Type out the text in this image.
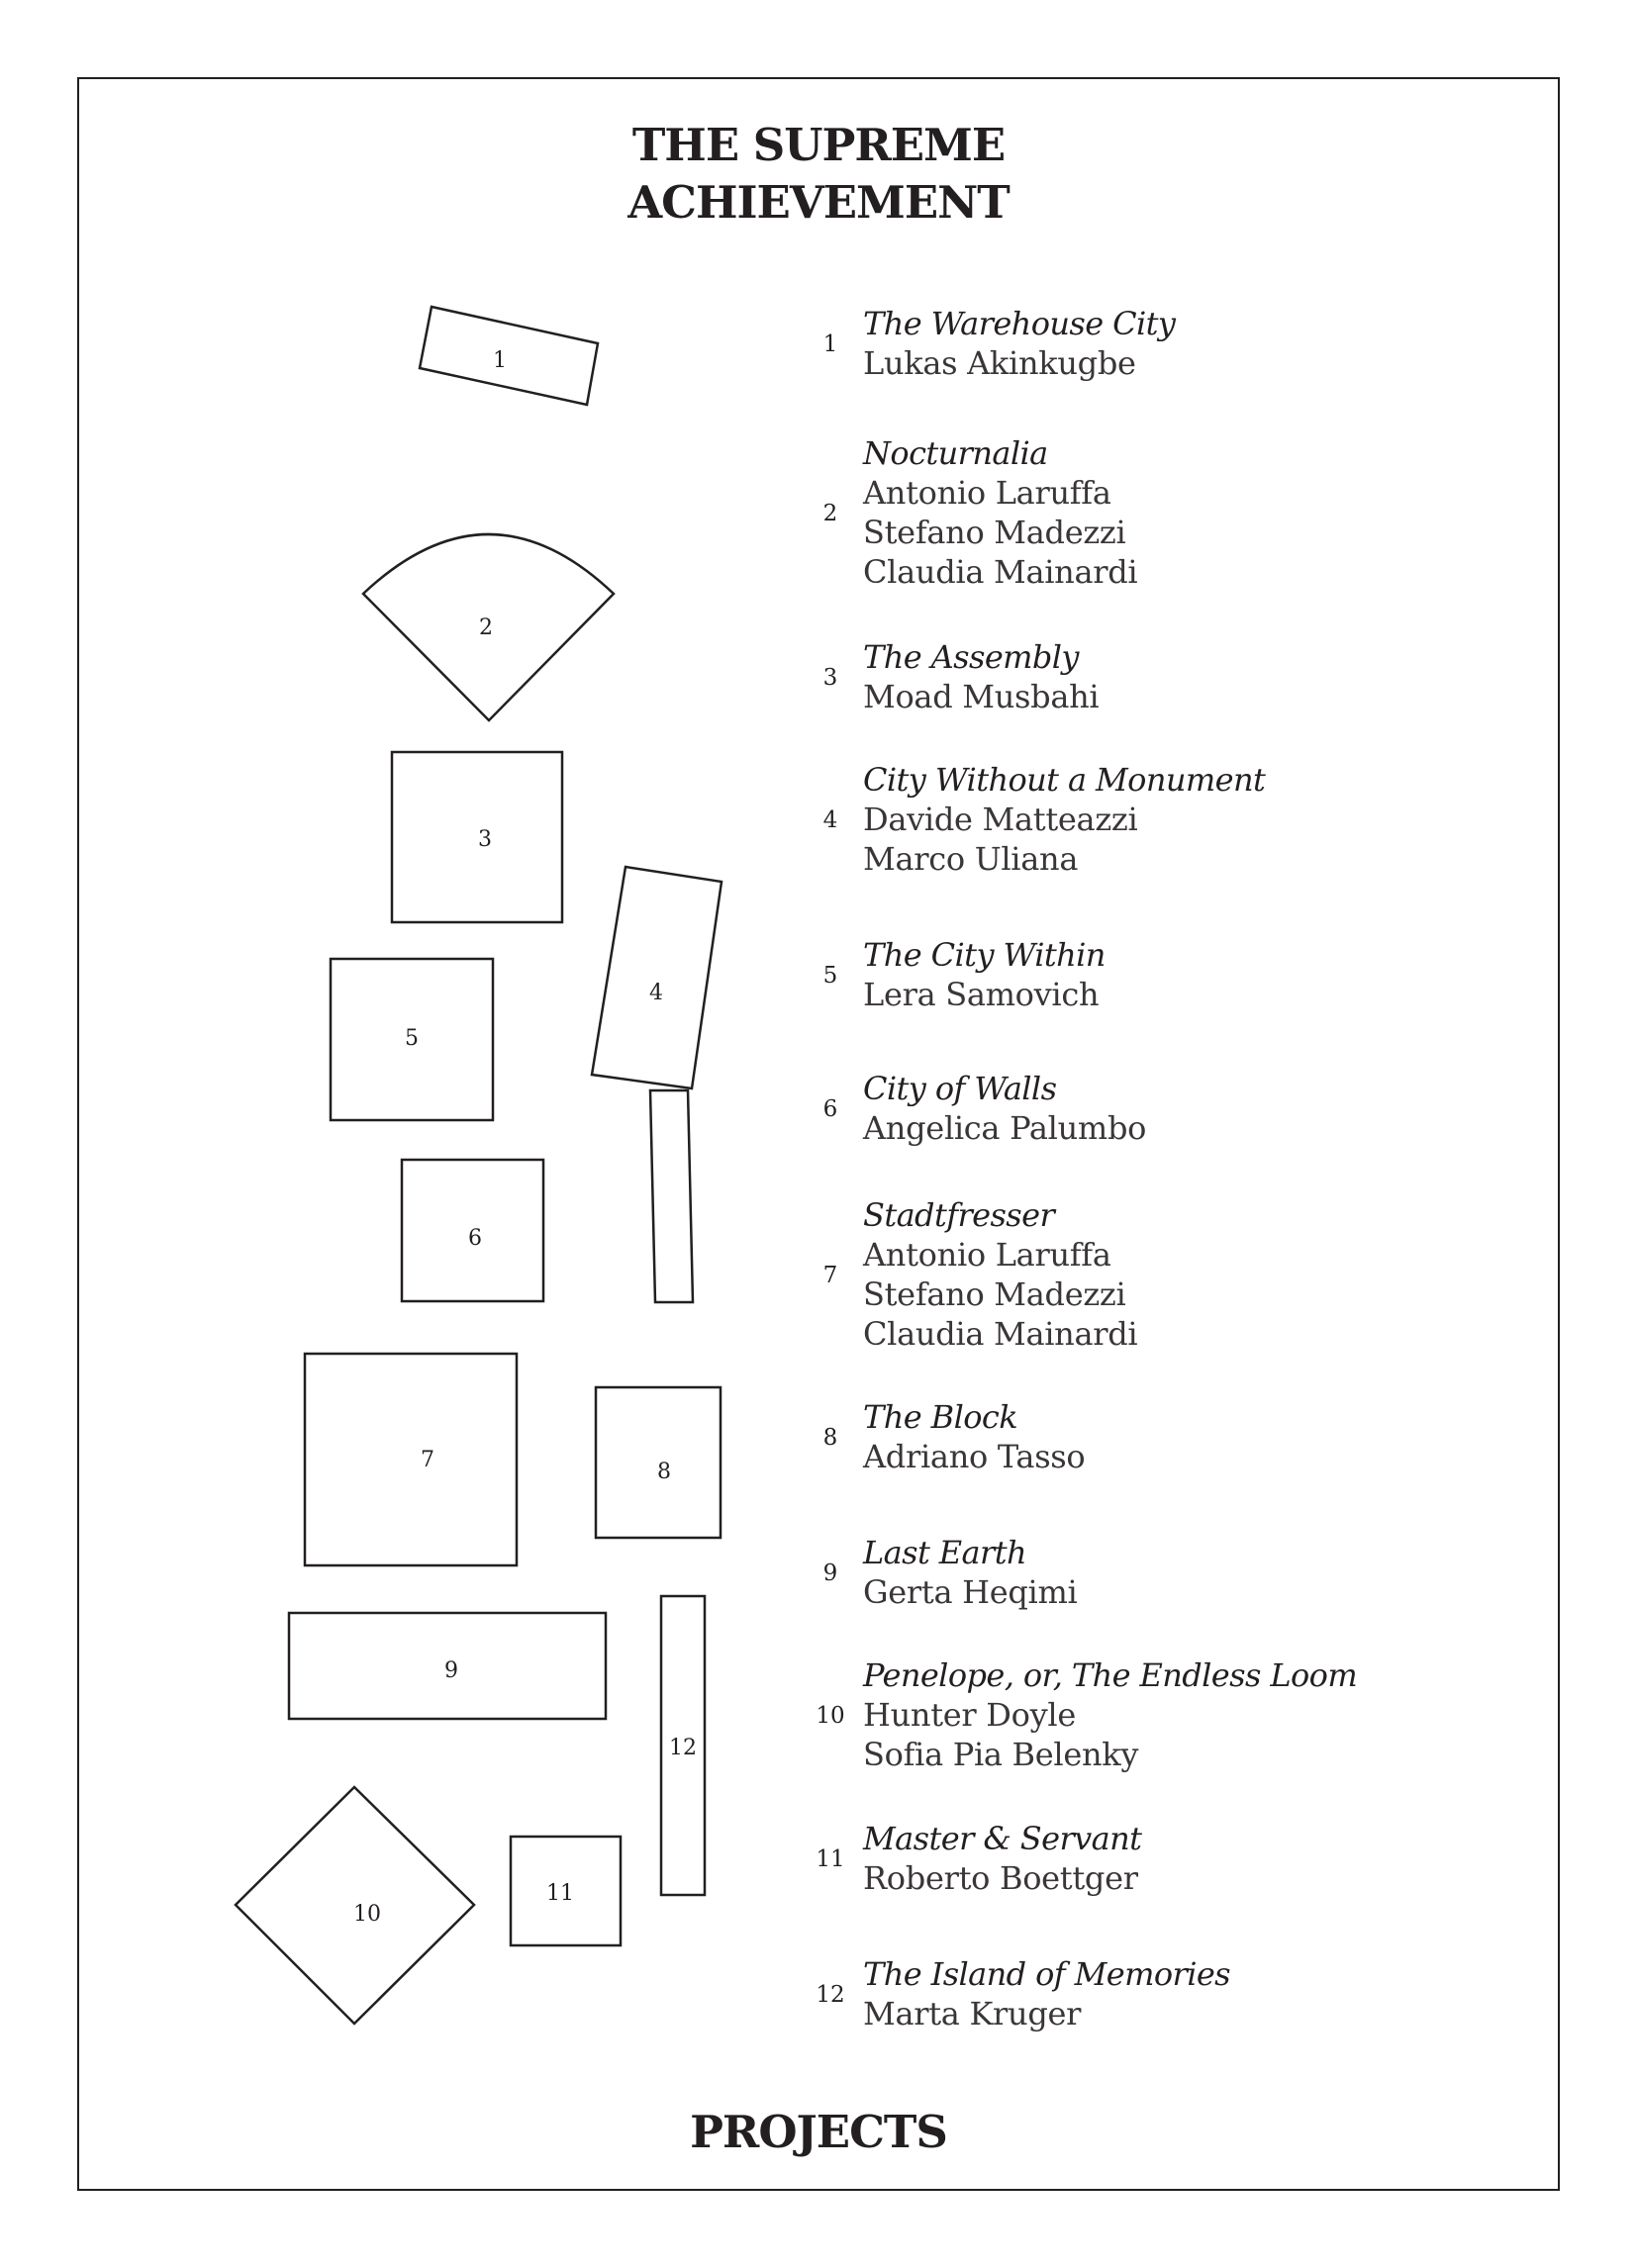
THE SUPREME
ACHIEVEMENT
1
2
3
4
5
6
7	8
9
10
11
12
1
The Warehouse City
Lukas Akinkugbe
2
Nocturnalia
Antonio Laruffa
Stefano Madezzi
Claudia Mainardi
3
The Assembly
Moad Musbahi
4
City Without a Monument
Davide Matteazzi
Marco Uliana
5
The City Within
Lera Samovich
6
City of Walls
Angelica Palumbo
7
Stadtfresser
Antonio Laruffa
Stefano Madezzi
Claudia Mainardi
8
The Block
Adriano Tasso
9
Last Earth
Gerta Heqimi
10
Penelope, or, The Endless Loom
Hunter Doyle
Sofia Pia Belenky
11
Master & Servant
Roberto Boettger
12
The Island of Memories
Marta Kruger
PROJECTS
